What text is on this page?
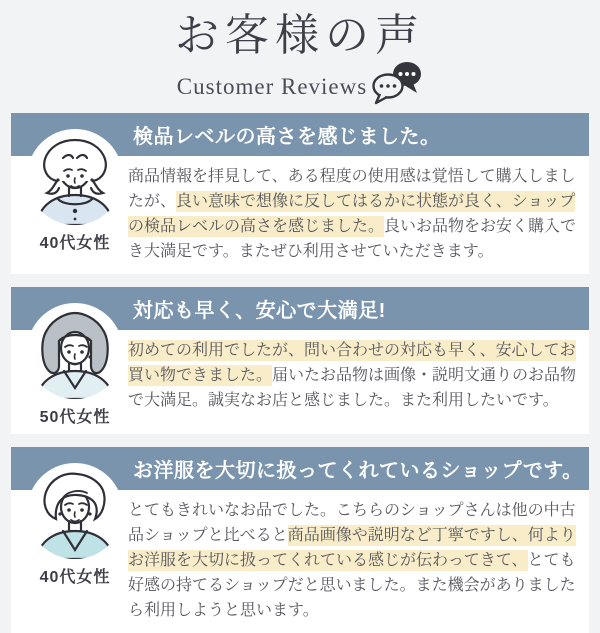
お客様の声
Customer Reviews
検品レベルの高さを感じました。
40代女性

商品情報を拝見して、ある程度の使用感は覚悟して購入しましたが、良い意味で想像に反してはるかに状態が良く、ショップの検品レベルの高さを感じました。良いお品物をお安く購入でき大満足です。またぜひ利用させていただきます。

対応も早く、安心で大満足!
50代女性

初めての利用でしたが、問い合わせの対応も早く、安心してお買い物できました。届いたお品物は画像・説明文通りのお品物で大満足。誠実なお店と感じました。また利用したいです。

お洋服を大切に扱ってくれているショップです。
40代女性

とてもきれいなお品でした。こちらのショップさんは他の中古品ショップと比べると商品画像や説明など丁寧ですし、何よりお洋服を大切に扱ってくれている感じが伝わってきて、とても好感の持てるショップだと思いました。また機会がありましたら利用しようと思います。
